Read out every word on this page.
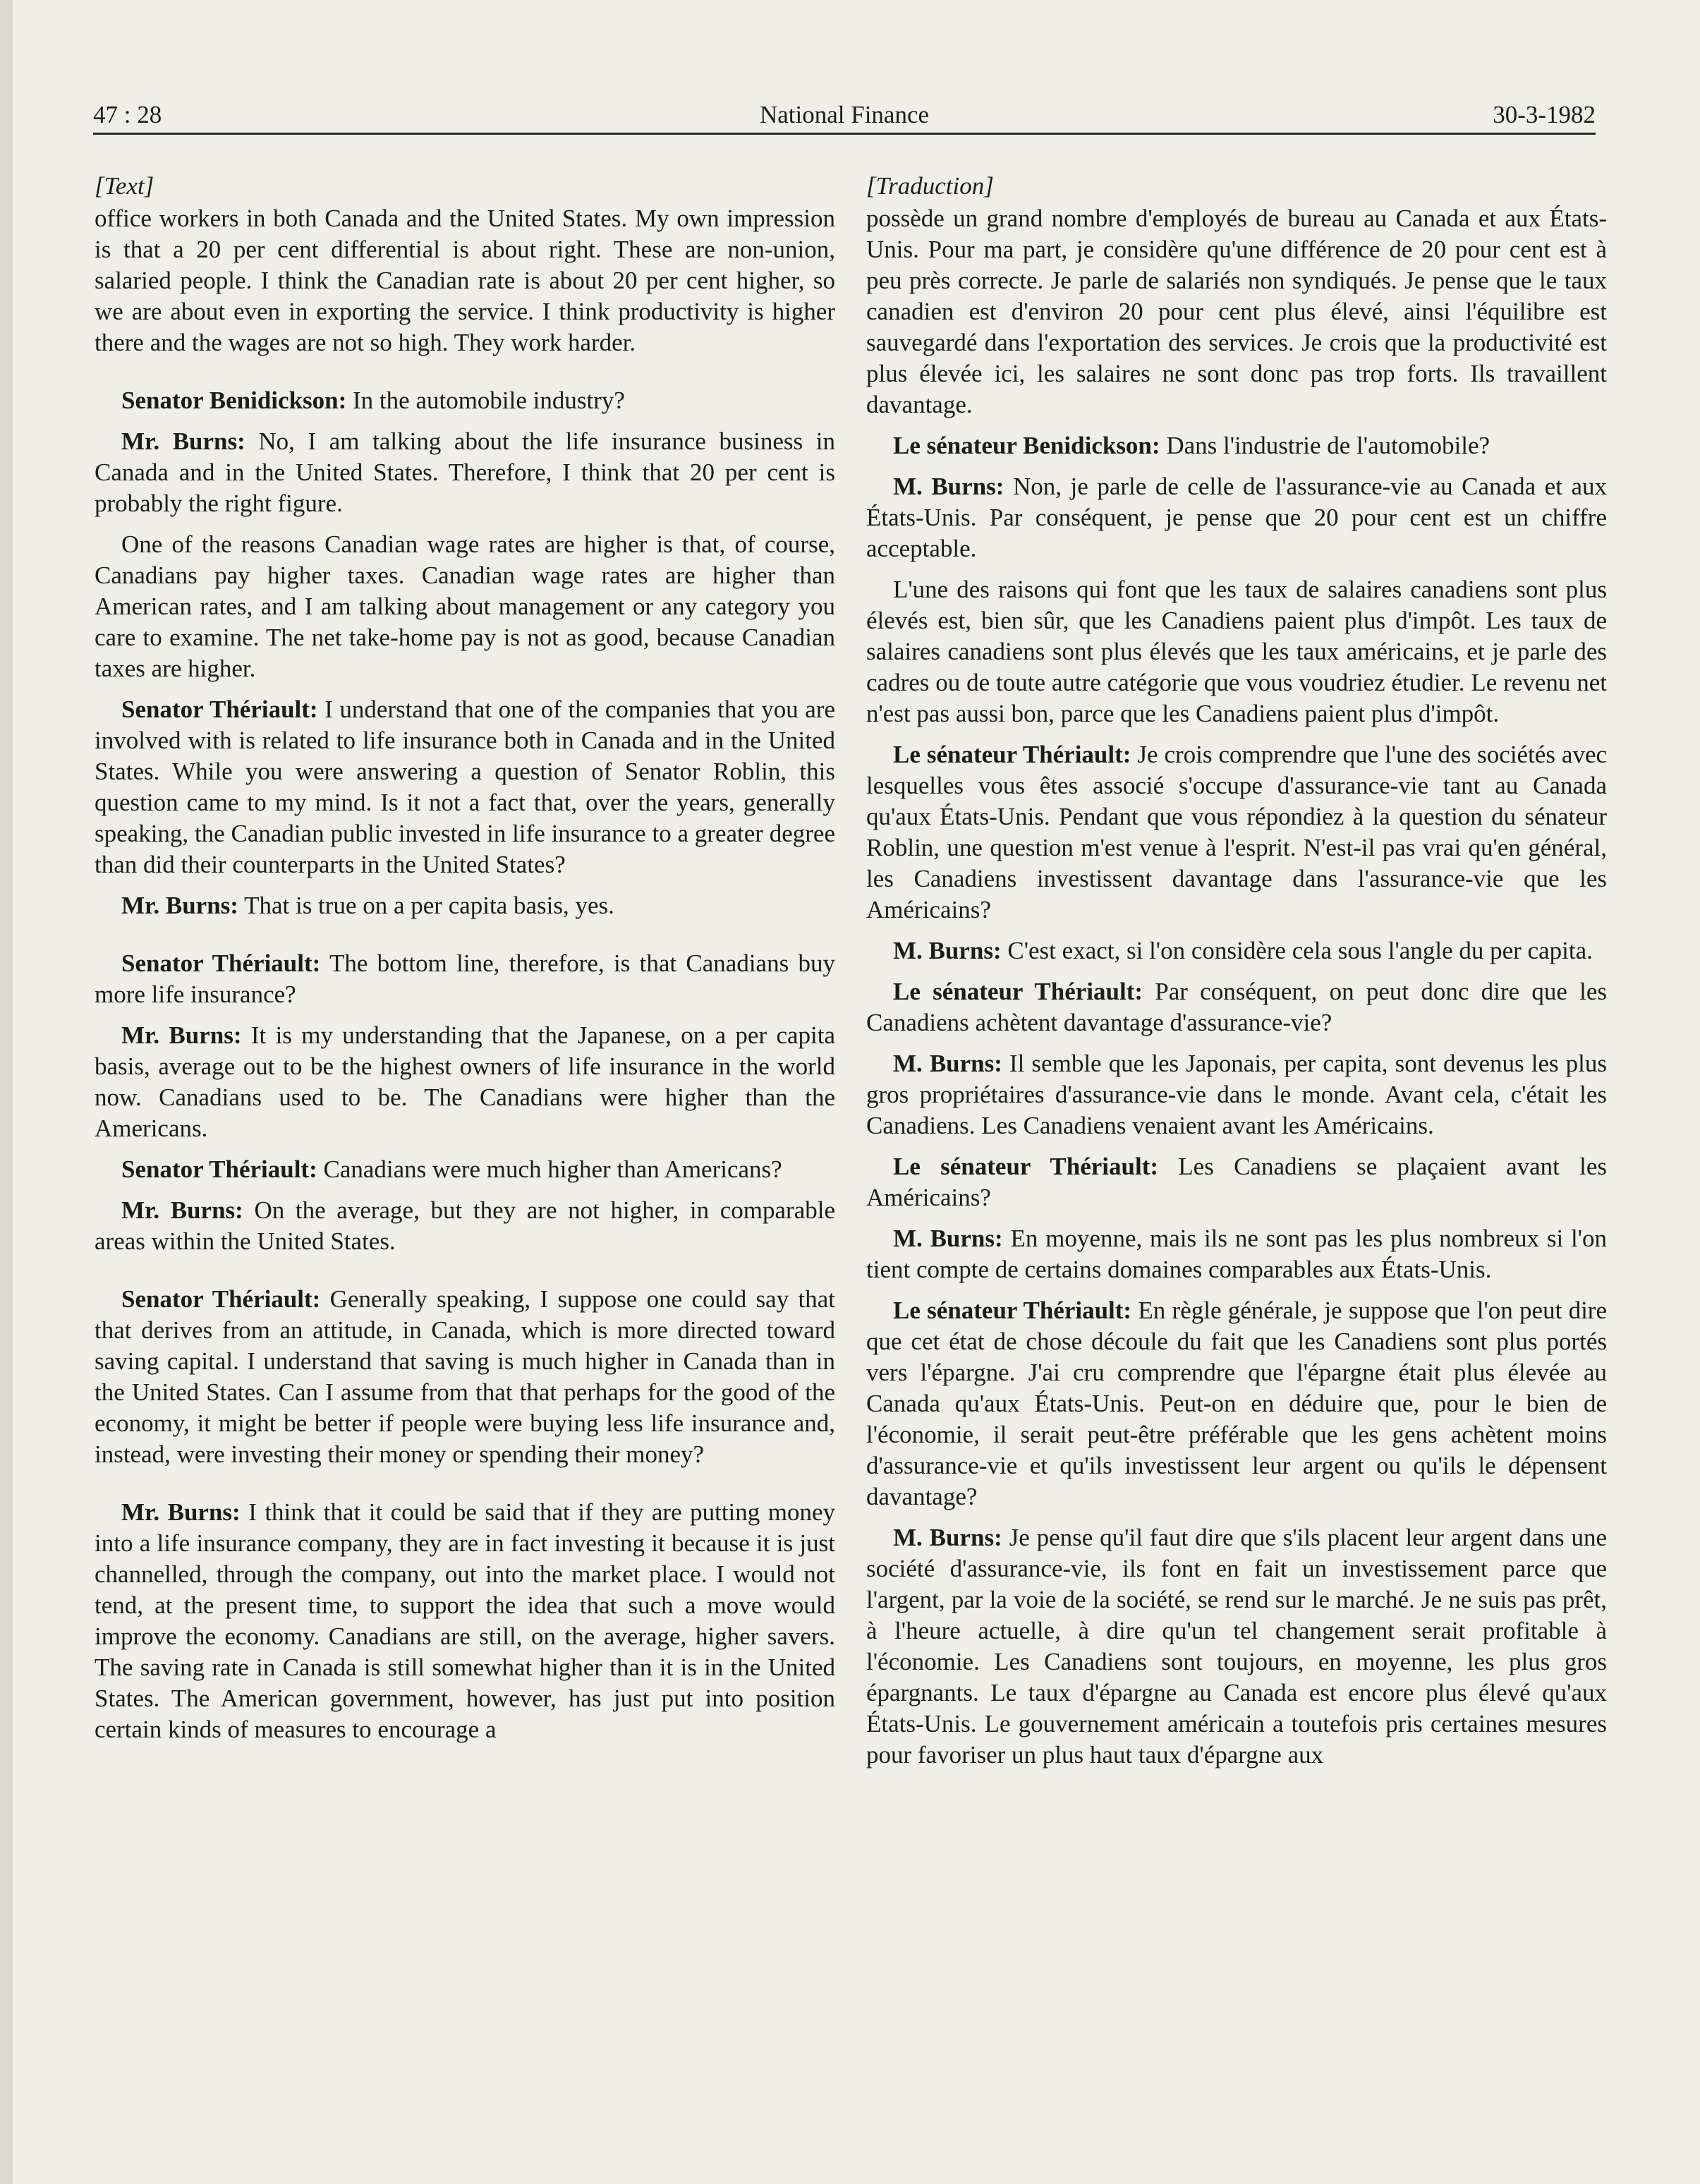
47 : 28	National Finance	30-3-1982

[Text]

office workers in both Canada and the United States. My own impression is that a 20 per cent differential is about right. These are non-union, salaried people. I think the Canadian rate is about 20 per cent higher, so we are about even in exporting the service. I think productivity is higher there and the wages are not so high. They work harder.

Senator Benidickson: In the automobile industry?

Mr. Burns: No, I am talking about the life insurance business in Canada and in the United States. Therefore, I think that 20 per cent is probably the right figure.

One of the reasons Canadian wage rates are higher is that, of course, Canadians pay higher taxes. Canadian wage rates are higher than American rates, and I am talking about management or any category you care to examine. The net take-home pay is not as good, because Canadian taxes are higher.

Senator Thériault: I understand that one of the companies that you are involved with is related to life insurance both in Canada and in the United States. While you were answering a question of Senator Roblin, this question came to my mind. Is it not a fact that, over the years, generally speaking, the Canadian public invested in life insurance to a greater degree than did their counterparts in the United States?

Mr. Burns: That is true on a per capita basis, yes.

Senator Thériault: The bottom line, therefore, is that Canadians buy more life insurance?

Mr. Burns: It is my understanding that the Japanese, on a per capita basis, average out to be the highest owners of life insurance in the world now. Canadians used to be. The Canadians were higher than the Americans.

Senator Thériault: Canadians were much higher than Americans?

Mr. Burns: On the average, but they are not higher, in comparable areas within the United States.

Senator Thériault: Generally speaking, I suppose one could say that that derives from an attitude, in Canada, which is more directed toward saving capital. I understand that saving is much higher in Canada than in the United States. Can I assume from that that perhaps for the good of the economy, it might be better if people were buying less life insurance and, instead, were investing their money or spending their money?

Mr. Burns: I think that it could be said that if they are putting money into a life insurance company, they are in fact investing it because it is just channelled, through the company, out into the market place. I would not tend, at the present time, to support the idea that such a move would improve the economy. Canadians are still, on the average, higher savers. The saving rate in Canada is still somewhat higher than it is in the United States. The American government, however, has just put into position certain kinds of measures to encourage a

[Traduction]

possède un grand nombre d'employés de bureau au Canada et aux États-Unis. Pour ma part, je considère qu'une différence de 20 pour cent est à peu près correcte. Je parle de salariés non syndiqués. Je pense que le taux canadien est d'environ 20 pour cent plus élevé, ainsi l'équilibre est sauvegardé dans l'exportation des services. Je crois que la productivité est plus élevée ici, les salaires ne sont donc pas trop forts. Ils travaillent davantage.

Le sénateur Benidickson: Dans l'industrie de l'automobile?

M. Burns: Non, je parle de celle de l'assurance-vie au Canada et aux États-Unis. Par conséquent, je pense que 20 pour cent est un chiffre acceptable.

L'une des raisons qui font que les taux de salaires canadiens sont plus élevés est, bien sûr, que les Canadiens paient plus d'impôt. Les taux de salaires canadiens sont plus élevés que les taux américains, et je parle des cadres ou de toute autre catégorie que vous voudriez étudier. Le revenu net n'est pas aussi bon, parce que les Canadiens paient plus d'impôt.

Le sénateur Thériault: Je crois comprendre que l'une des sociétés avec lesquelles vous êtes associé s'occupe d'assurance-vie tant au Canada qu'aux États-Unis. Pendant que vous répondiez à la question du sénateur Roblin, une question m'est venue à l'esprit. N'est-il pas vrai qu'en général, les Canadiens investissent davantage dans l'assurance-vie que les Américains?

M. Burns: C'est exact, si l'on considère cela sous l'angle du per capita.

Le sénateur Thériault: Par conséquent, on peut donc dire que les Canadiens achètent davantage d'assurance-vie?

M. Burns: Il semble que les Japonais, per capita, sont devenus les plus gros propriétaires d'assurance-vie dans le monde. Avant cela, c'était les Canadiens. Les Canadiens venaient avant les Américains.

Le sénateur Thériault: Les Canadiens se plaçaient avant les Américains?

M. Burns: En moyenne, mais ils ne sont pas les plus nombreux si l'on tient compte de certains domaines comparables aux États-Unis.

Le sénateur Thériault: En règle générale, je suppose que l'on peut dire que cet état de chose découle du fait que les Canadiens sont plus portés vers l'épargne. J'ai cru comprendre que l'épargne était plus élevée au Canada qu'aux États-Unis. Peut-on en déduire que, pour le bien de l'économie, il serait peut-être préférable que les gens achètent moins d'assurance-vie et qu'ils investissent leur argent ou qu'ils le dépensent davantage?

M. Burns: Je pense qu'il faut dire que s'ils placent leur argent dans une société d'assurance-vie, ils font en fait un investissement parce que l'argent, par la voie de la société, se rend sur le marché. Je ne suis pas prêt, à l'heure actuelle, à dire qu'un tel changement serait profitable à l'économie. Les Canadiens sont toujours, en moyenne, les plus gros épargnants. Le taux d'épargne au Canada est encore plus élevé qu'aux États-Unis. Le gouvernement américain a toutefois pris certaines mesures pour favoriser un plus haut taux d'épargne aux
